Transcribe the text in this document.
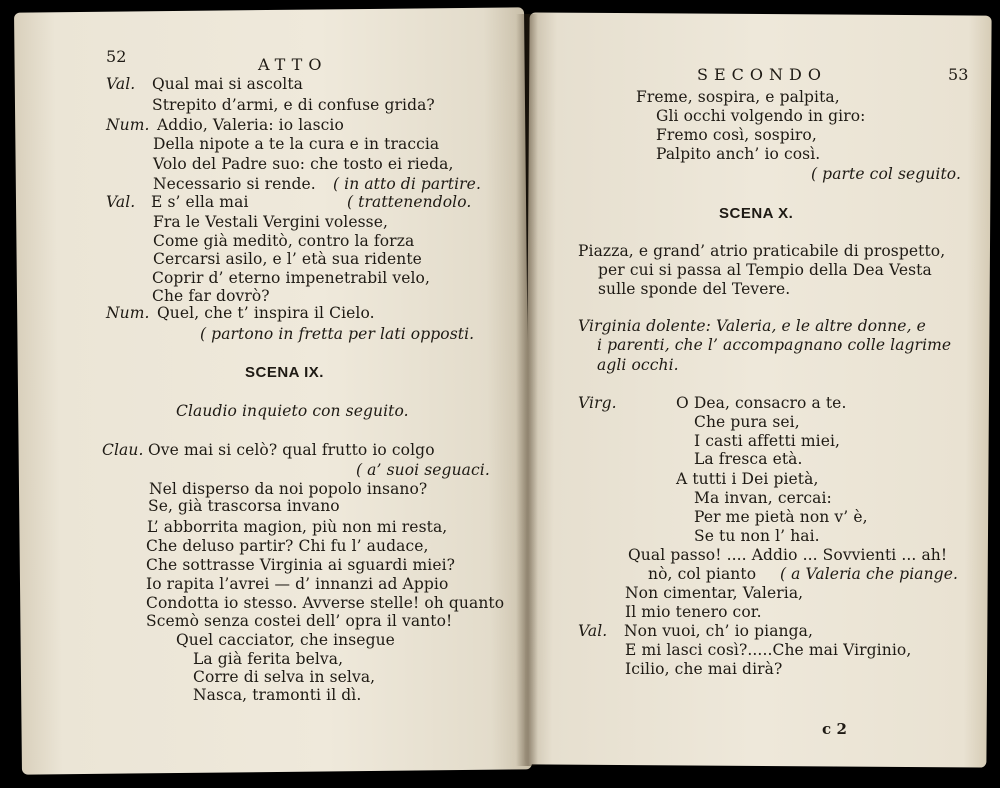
52	ATTO
Val. Qual mai si ascolta
Strepito d’armi, e di confuse grida?
Num. Addio, Valeria: io lascio
Della nipote a te la cura e in traccia
Volo del Padre suo: che tosto ei rieda,
Necessario si rende. ( in atto di partire.
Val. E s’ ella mai	( trattenendolo.
Fra le Vestali Vergini volesse,
Come già meditò, contro la forza
Cercarsi asilo, e l’ età sua ridente
Coprir d’ eterno impenetrabil velo,
Che far dovrò?
Num. Quel, che t’ inspira il Cielo.
( partono in fretta per lati opposti.
SCENA IX.
Claudio inquieto con seguito.
Clau. Ove mai si celò? qual frutto io colgo
( a’ suoi seguaci.
Nel disperso da noi popolo insano?
Se, già trascorsa invano
L’ abborrita magion, più non mi resta,
Che deluso partir? Chi fu l’ audace,
Che sottrasse Virginia ai sguardi miei?
Io rapita l’avrei — d’ innanzi ad Appio
Condotta io stesso. Avverse stelle! oh quanto
Scemò senza costei dell’ opra il vanto!
Quel cacciator, che insegue
La già ferita belva,
Corre di selva in selva,
Nasca, tramonti il dì.
SECONDO	53
Freme, sospira, e palpita,
Gli occhi volgendo in giro:
Fremo così, sospiro,
Palpito anch’ io così.
( parte col seguito.
SCENA X.
Piazza, e grand’ atrio praticabile di prospetto,
per cui si passa al Tempio della Dea Vesta
sulle sponde del Tevere.
Virginia dolente: Valeria, e le altre donne, e
i parenti, che l’ accompagnano colle lagrime
agli occhi.
Virg.	O Dea, consacro a te.
Che pura sei,
I casti affetti miei,
La fresca età.
A tutti i Dei pietà,
Ma invan, cercai:
Per me pietà non v’ è,
Se tu non l’ hai.
Qual passo! .... Addio ... Sovvienti ... ah!
nò, col pianto ( a Valeria che piange.
Non cimentar, Valeria,
Il mio tenero cor.
Val. Non vuoi, ch’ io pianga,
E mi lasci così?.....Che mai Virginio,
Icilio, che mai dirà?
c 2
